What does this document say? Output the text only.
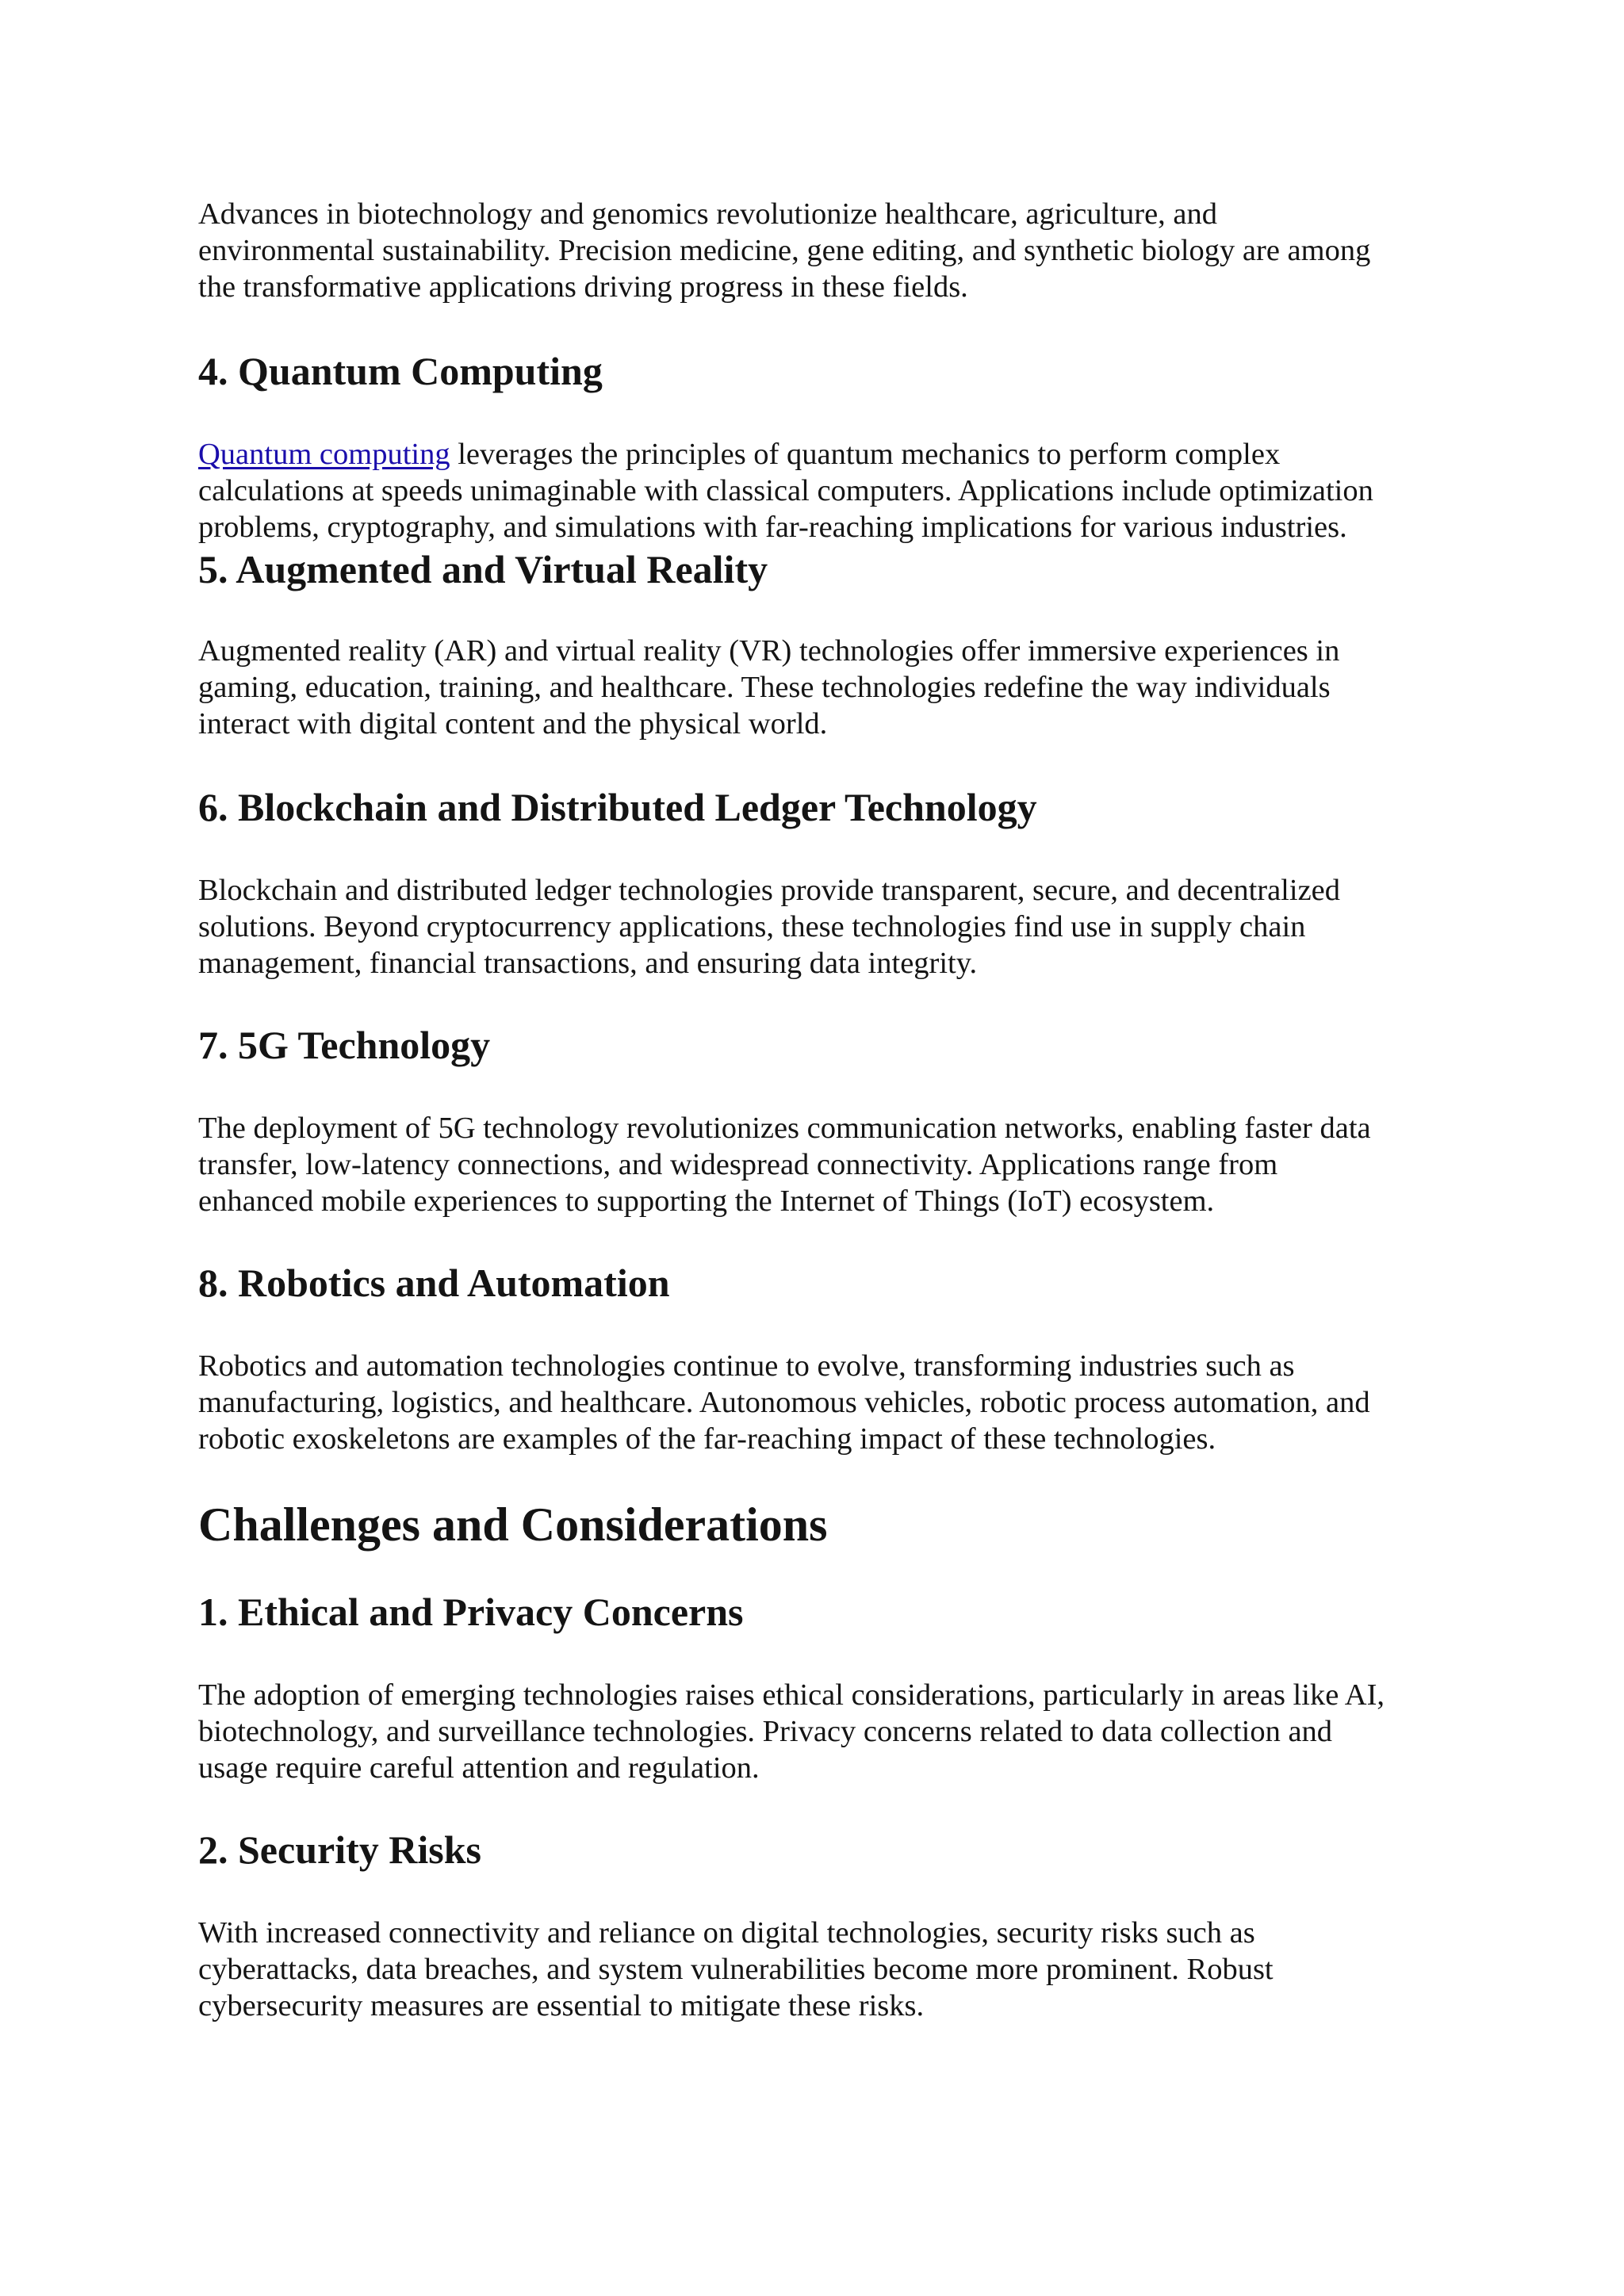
Advances in biotechnology and genomics revolutionize healthcare, agriculture, and
environmental sustainability. Precision medicine, gene editing, and synthetic biology are among
the transformative applications driving progress in these fields.

4. Quantum Computing

Quantum computing leverages the principles of quantum mechanics to perform complex
calculations at speeds unimaginable with classical computers. Applications include optimization
problems, cryptography, and simulations with far-reaching implications for various industries.

5. Augmented and Virtual Reality

Augmented reality (AR) and virtual reality (VR) technologies offer immersive experiences in
gaming, education, training, and healthcare. These technologies redefine the way individuals
interact with digital content and the physical world.

6. Blockchain and Distributed Ledger Technology

Blockchain and distributed ledger technologies provide transparent, secure, and decentralized
solutions. Beyond cryptocurrency applications, these technologies find use in supply chain
management, financial transactions, and ensuring data integrity.

7. 5G Technology

The deployment of 5G technology revolutionizes communication networks, enabling faster data
transfer, low-latency connections, and widespread connectivity. Applications range from
enhanced mobile experiences to supporting the Internet of Things (IoT) ecosystem.

8. Robotics and Automation

Robotics and automation technologies continue to evolve, transforming industries such as
manufacturing, logistics, and healthcare. Autonomous vehicles, robotic process automation, and
robotic exoskeletons are examples of the far-reaching impact of these technologies.

Challenges and Considerations
1. Ethical and Privacy Concerns

The adoption of emerging technologies raises ethical considerations, particularly in areas like AI,
biotechnology, and surveillance technologies. Privacy concerns related to data collection and
usage require careful attention and regulation.

2. Security Risks

With increased connectivity and reliance on digital technologies, security risks such as
cyberattacks, data breaches, and system vulnerabilities become more prominent. Robust
cybersecurity measures are essential to mitigate these risks.
